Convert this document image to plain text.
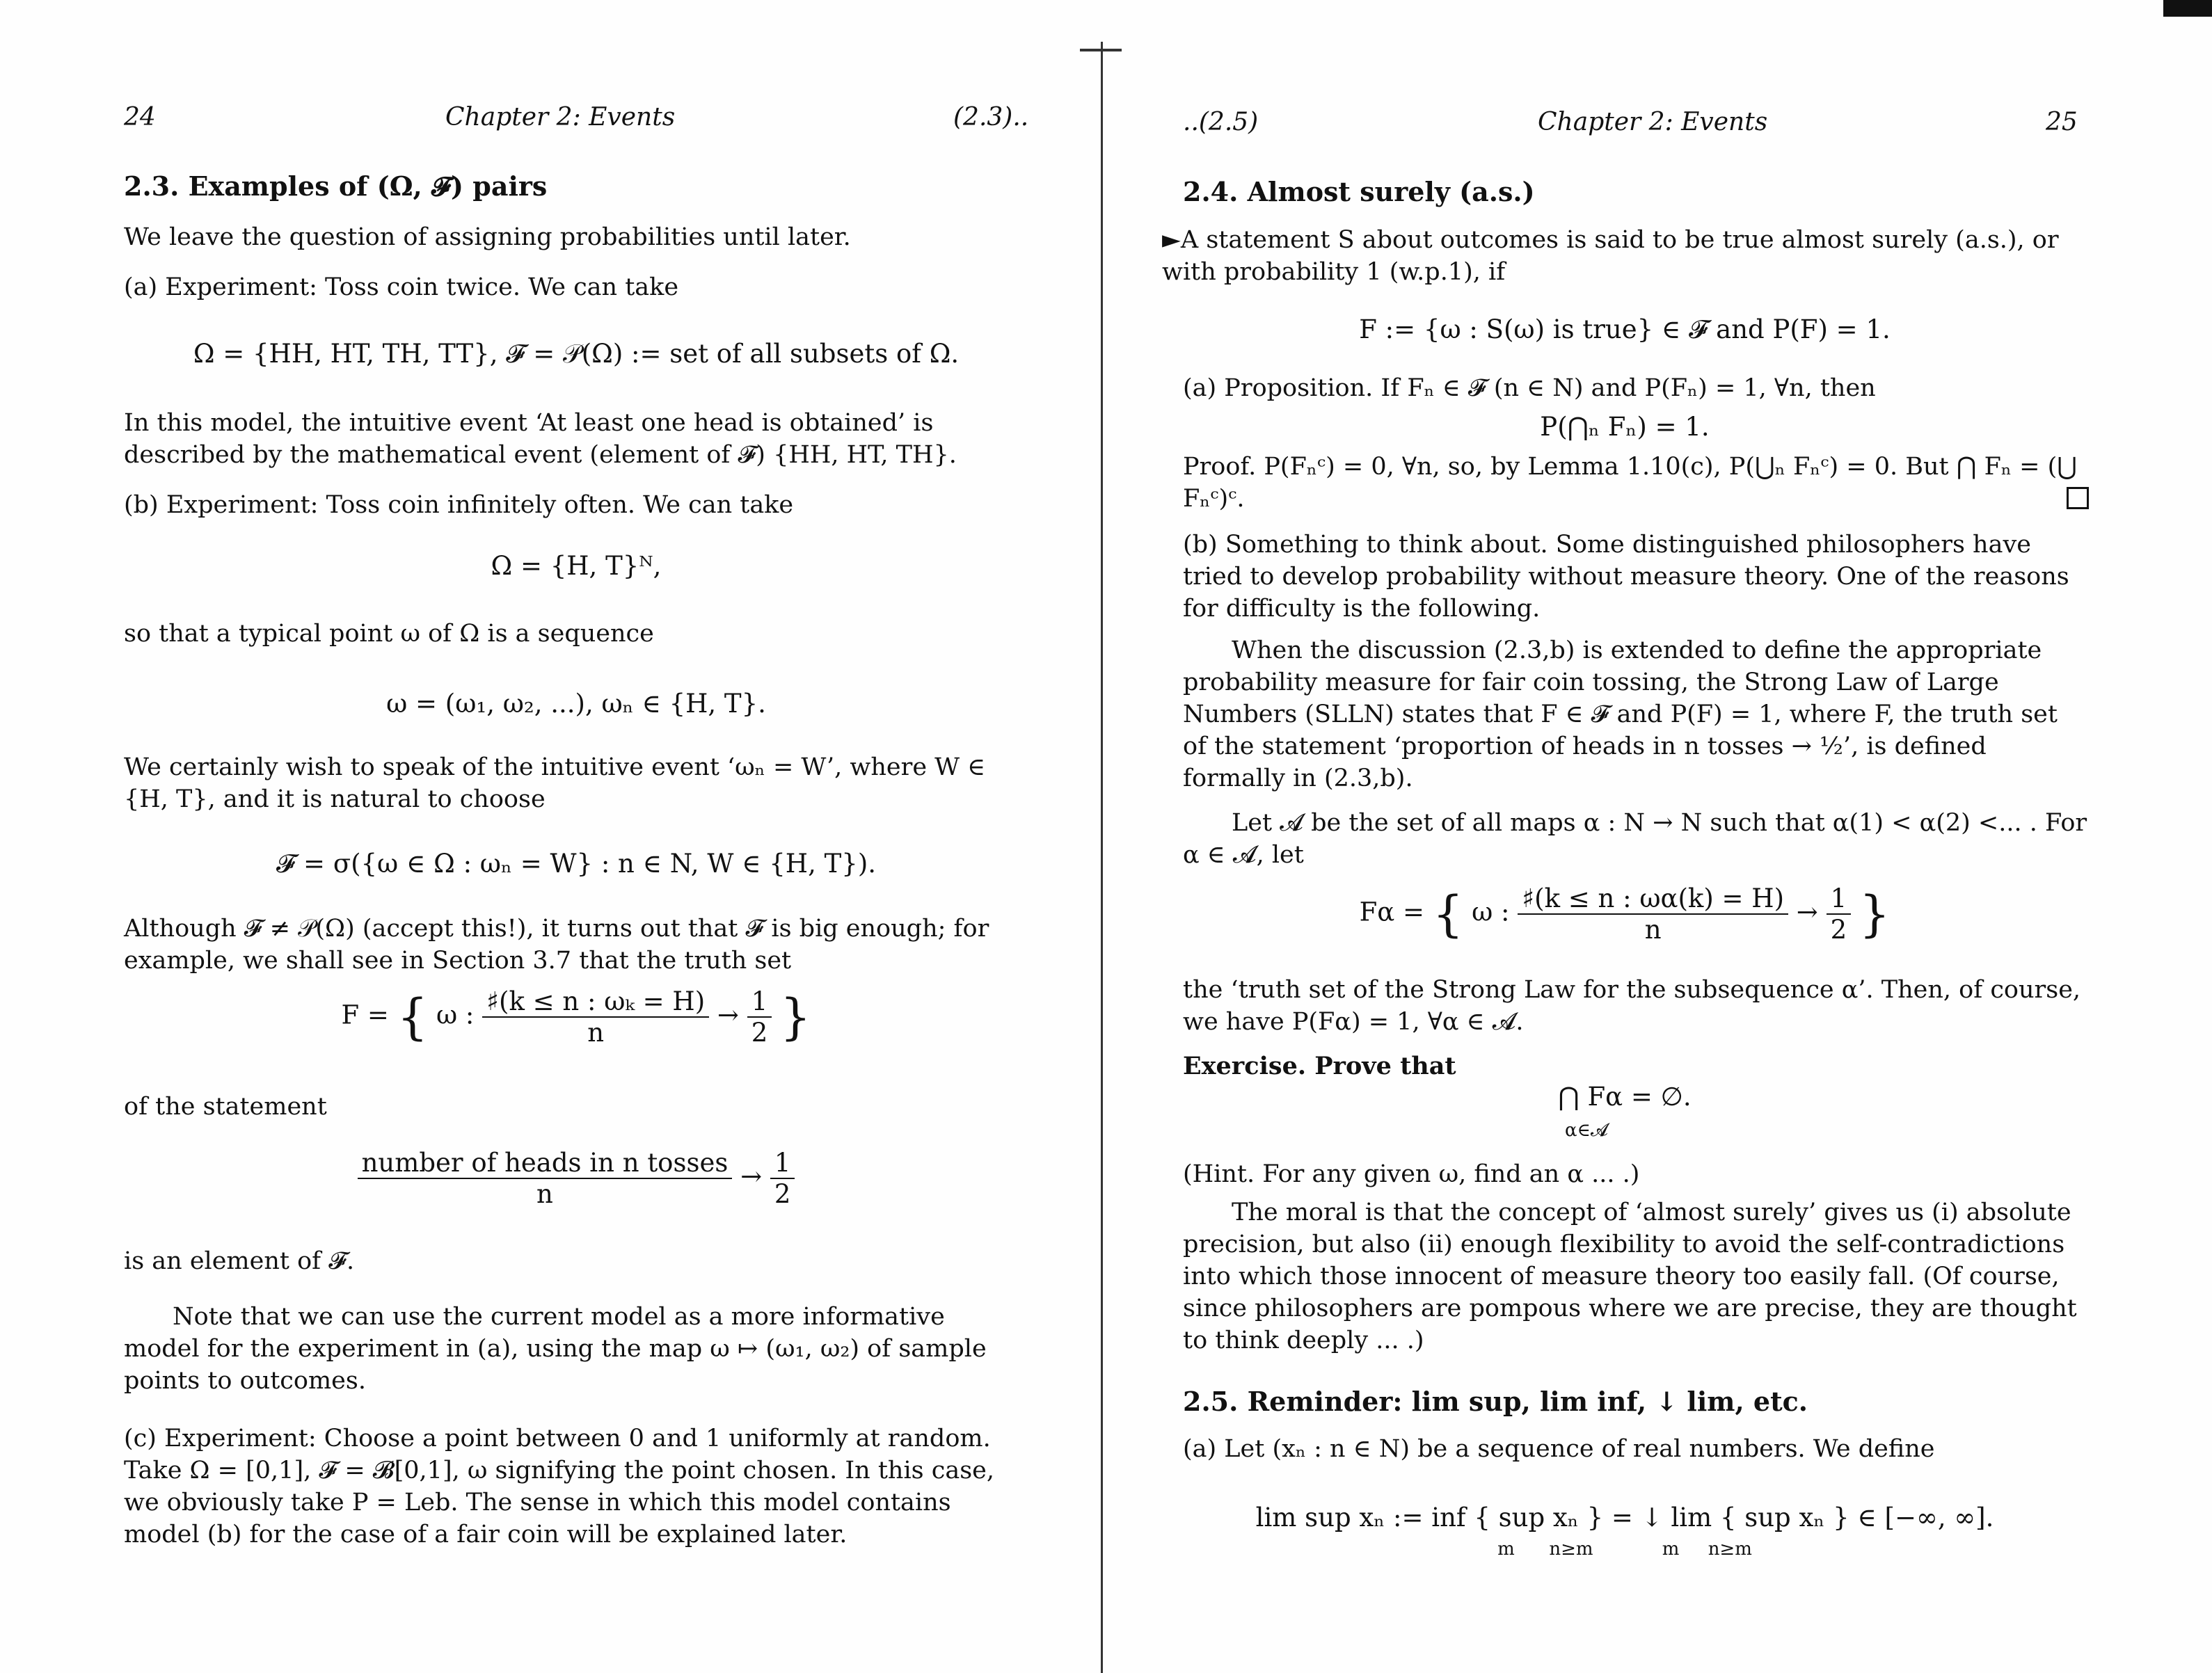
24	Chapter 2: Events	(2.3)..
2.3. Examples of (Ω, 𝓕) pairs
We leave the question of assigning probabilities until later.
(a) Experiment: Toss coin twice. We can take
Ω = {HH, HT, TH, TT}, 𝓕 = 𝒫(Ω) := set of all subsets of Ω.
In this model, the intuitive event ‘At least one head is obtained’ is described by the mathematical event (element of 𝓕) {HH, HT, TH}.
(b) Experiment: Toss coin infinitely often. We can take
Ω = {H, T}ᴺ,
so that a typical point ω of Ω is a sequence
ω = (ω₁, ω₂, ...), ωₙ ∈ {H, T}.
We certainly wish to speak of the intuitive event ‘ωₙ = W’, where W ∈ {H, T}, and it is natural to choose
𝓕 = σ({ω ∈ Ω : ωₙ = W} : n ∈ N, W ∈ {H, T}).
Although 𝓕 ≠ 𝒫(Ω) (accept this!), it turns out that 𝓕 is big enough; for example, we shall see in Section 3.7 that the truth set
F = { ω : $\frac{\text{♯(k ≤ n : ωₖ = H)}}{n} \to \frac{1}{2}$ }
of the statement
$\frac{\text{number of heads in n tosses}}{n} \to \frac{1}{2}$
is an element of 𝓕.
Note that we can use the current model as a more informative model for the experiment in (a), using the map ω ↦ (ω₁, ω₂) of sample points to outcomes.
(c) Experiment: Choose a point between 0 and 1 uniformly at random. Take Ω = [0,1], 𝓕 = 𝓑[0,1], ω signifying the point chosen. In this case, we obviously take P = Leb. The sense in which this model contains model (b) for the case of a fair coin will be explained later.
..(2.5)	Chapter 2: Events	25
2.4. Almost surely (a.s.)
►A statement S about outcomes is said to be true almost surely (a.s.), or with probability 1 (w.p.1), if
F := {ω : S(ω) is true} ∈ 𝓕 and P(F) = 1.
(a) Proposition. If Fₙ ∈ 𝓕 (n ∈ N) and P(Fₙ) = 1, ∀n, then
P(⋂ₙ Fₙ) = 1.
Proof. P(Fₙᶜ) = 0, ∀n, so, by Lemma 1.10(c), P(⋃ₙ Fₙᶜ) = 0. But ⋂ Fₙ = (⋃ Fₙᶜ)ᶜ.
(b) Something to think about. Some distinguished philosophers have tried to develop probability without measure theory. One of the reasons for difficulty is the following.
When the discussion (2.3,b) is extended to define the appropriate probability measure for fair coin tossing, the Strong Law of Large Numbers (SLLN) states that F ∈ 𝓕 and P(F) = 1, where F, the truth set of the statement ‘proportion of heads in n tosses → ½’, is defined formally in (2.3,b).
Let 𝓐 be the set of all maps α : N → N such that α(1) < α(2) <... . For α ∈ 𝓐, let
Fα = { ω : $\frac{♯(k \le n : \omega\alpha(k) = H)}{n} \to \frac{1}{2}$ }
the ‘truth set of the Strong Law for the subsequence α’. Then, of course, we have P(Fα) = 1, ∀α ∈ 𝓐.
Exercise. Prove that
⋂ Fα = ∅.
α∈𝓐
(Hint. For any given ω, find an α ... .)
The moral is that the concept of ‘almost surely’ gives us (i) absolute precision, but also (ii) enough flexibility to avoid the self-contradictions into which those innocent of measure theory too easily fall. (Of course, since philosophers are pompous where we are precise, they are thought to think deeply ... .)
2.5. Reminder: lim sup, lim inf, ↓ lim, etc.
(a) Let (xₙ : n ∈ N) be a sequence of real numbers. We define
lim sup xₙ := inf { sup xₙ } = ↓ lim { sup xₙ } ∈ [−∞, ∞].
m      n≥m            m     n≥m
